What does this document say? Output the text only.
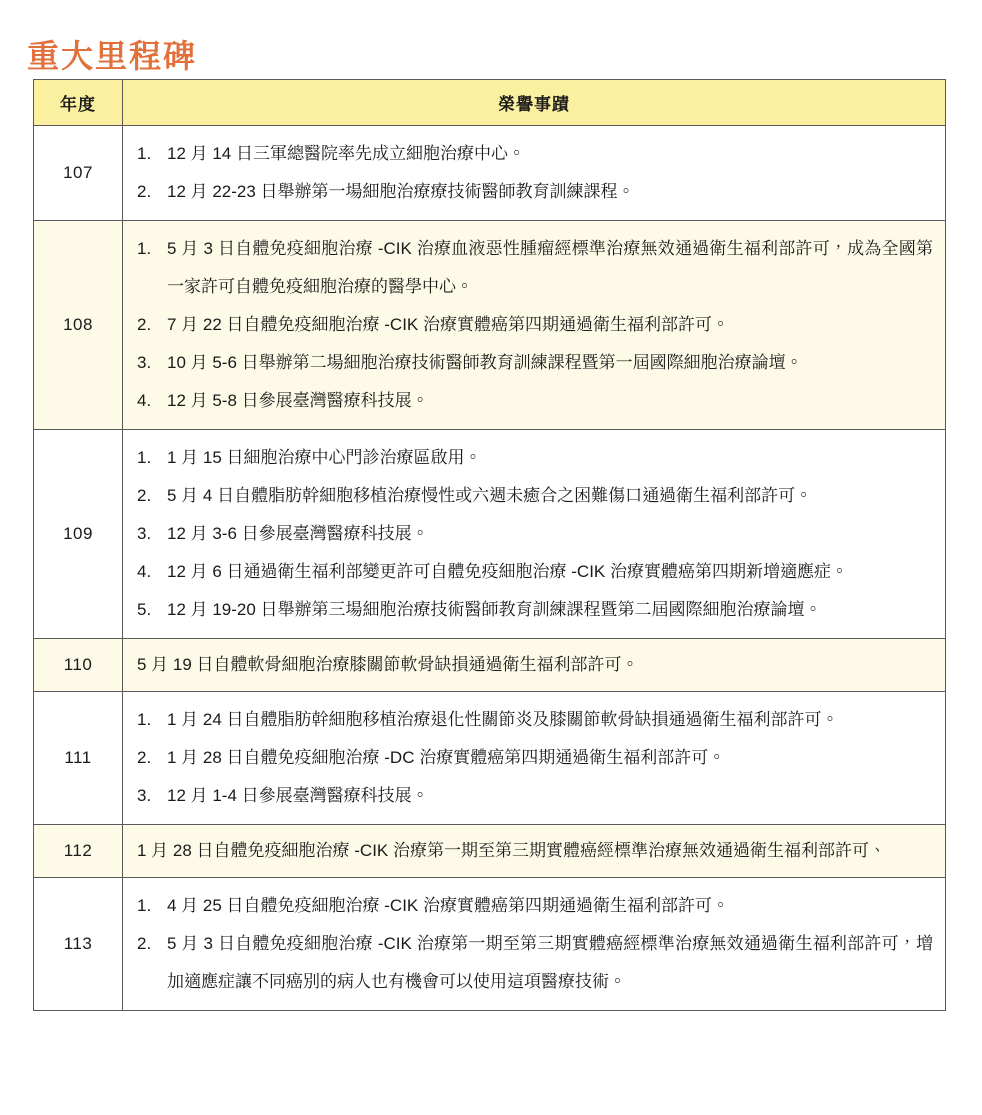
重大里程碑
年度	榮譽事蹟
107	
12 月 14 日三軍總醫院率先成立細胞治療中心。
12 月 22-23 日舉辦第一場細胞治療療技術醫師教育訓練課程。

108	
5 月 3 日自體免疫細胞治療 -CIK 治療血液惡性腫瘤經標準治療無效通過衛生福利部許可，成為全國第一家許可自體免疫細胞治療的醫學中心。
7 月 22 日自體免疫細胞治療 -CIK 治療實體癌第四期通過衛生福利部許可。
10 月 5-6 日舉辦第二場細胞治療技術醫師教育訓練課程暨第一屆國際細胞治療論壇。
12 月 5-8 日參展臺灣醫療科技展。

109	
1 月 15 日細胞治療中心門診治療區啟用。
5 月 4 日自體脂肪幹細胞移植治療慢性或六週未癒合之困難傷口通過衛生福利部許可。
12 月 3-6 日參展臺灣醫療科技展。
12 月 6 日通過衛生福利部變更許可自體免疫細胞治療 -CIK 治療實體癌第四期新增適應症。
12 月 19-20 日舉辦第三場細胞治療技術醫師教育訓練課程暨第二屆國際細胞治療論壇。

110	5 月 19 日自體軟骨細胞治療膝關節軟骨缺損通過衛生福利部許可。

111	
1 月 24 日自體脂肪幹細胞移植治療退化性關節炎及膝關節軟骨缺損通過衛生福利部許可。
1 月 28 日自體免疫細胞治療 -DC 治療實體癌第四期通過衛生福利部許可。
12 月 1-4 日參展臺灣醫療科技展。

112	1 月 28 日自體免疫細胞治療 -CIK 治療第一期至第三期實體癌經標準治療無效通過衛生福利部許可、

113	
4 月 25 日自體免疫細胞治療 -CIK 治療實體癌第四期通過衛生福利部許可。
5 月 3 日自體免疫細胞治療 -CIK 治療第一期至第三期實體癌經標準治療無效通過衛生福利部許可，增加適應症讓不同癌別的病人也有機會可以使用這項醫療技術。
